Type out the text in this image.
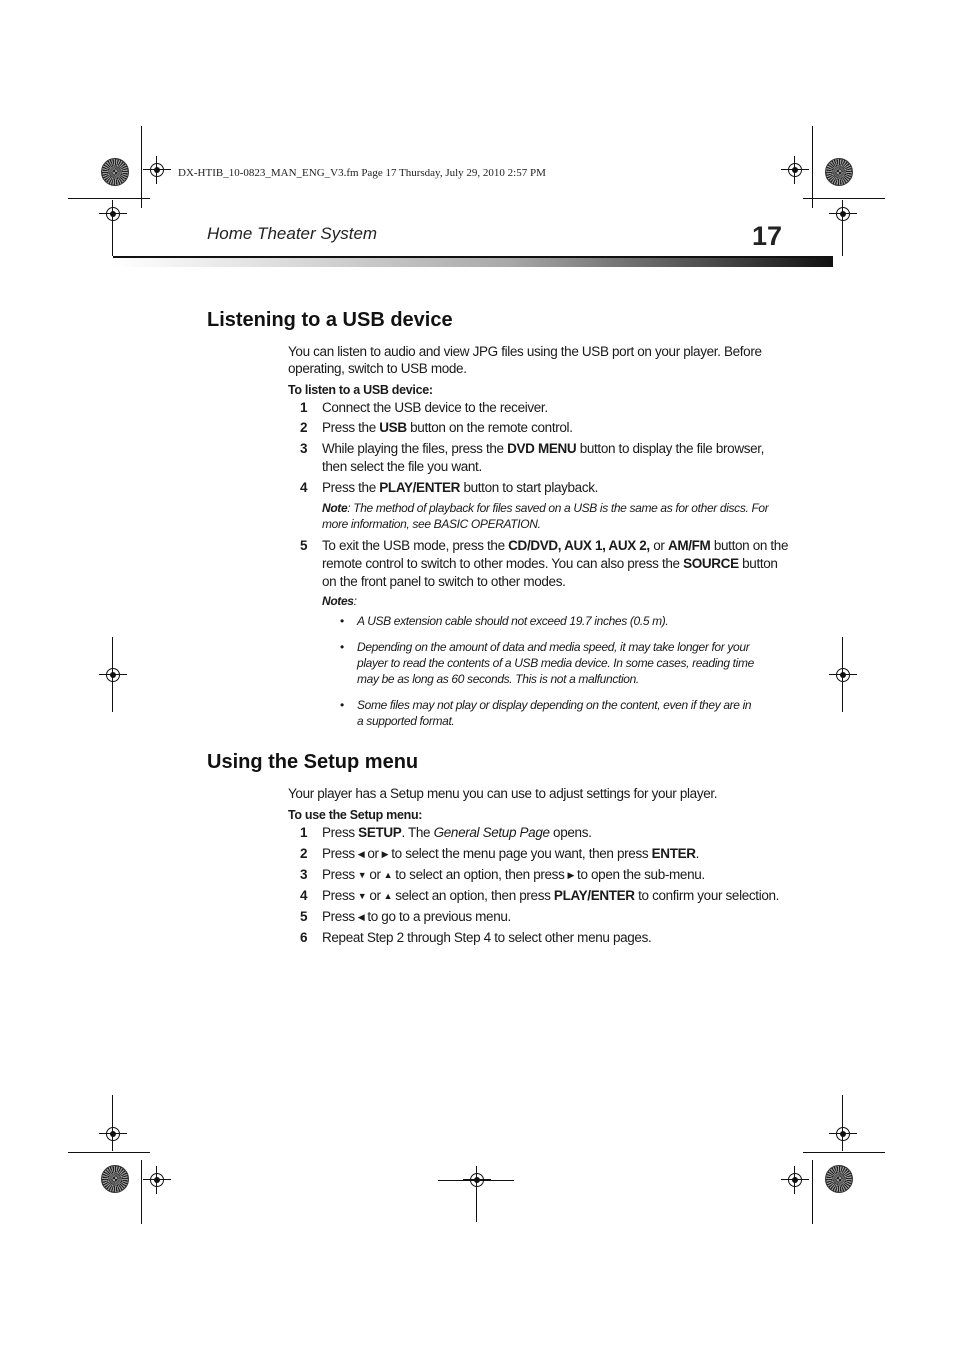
DX-HTIB_10-0823_MAN_ENG_V3.fm Page 17 Thursday, July 29, 2010 2:57 PM
Home Theater System	17
Listening to a USB device
You can listen to audio and view JPG files using the USB port on your player. Before operating, switch to USB mode.
To listen to a USB device:
1	Connect the USB device to the receiver.
2	Press the USB button on the remote control.
3	While playing the files, press the DVD MENU button to display the file browser, then select the file you want.
4	Press the PLAY/ENTER button to start playback.
Note: The method of playback for files saved on a USB is the same as for other discs. For more information, see BASIC OPERATION.
5	To exit the USB mode, press the CD/DVD, AUX 1, AUX 2, or AM/FM button on the remote control to switch to other modes. You can also press the SOURCE button on the front panel to switch to other modes.
Notes:
• A USB extension cable should not exceed 19.7 inches (0.5 m).
• Depending on the amount of data and media speed, it may take longer for your player to read the contents of a USB media device. In some cases, reading time may be as long as 60 seconds. This is not a malfunction.
• Some files may not play or display depending on the content, even if they are in a supported format.
Using the Setup menu
Your player has a Setup menu you can use to adjust settings for your player.
To use the Setup menu:
1	Press SETUP. The General Setup Page opens.
2	Press ◀ or ▶ to select the menu page you want, then press ENTER.
3	Press ▼ or ▲ to select an option, then press ▶ to open the sub-menu.
4	Press ▼ or ▲ select an option, then press PLAY/ENTER to confirm your selection.
5	Press ◀ to go to a previous menu.
6	Repeat Step 2 through Step 4 to select other menu pages.
